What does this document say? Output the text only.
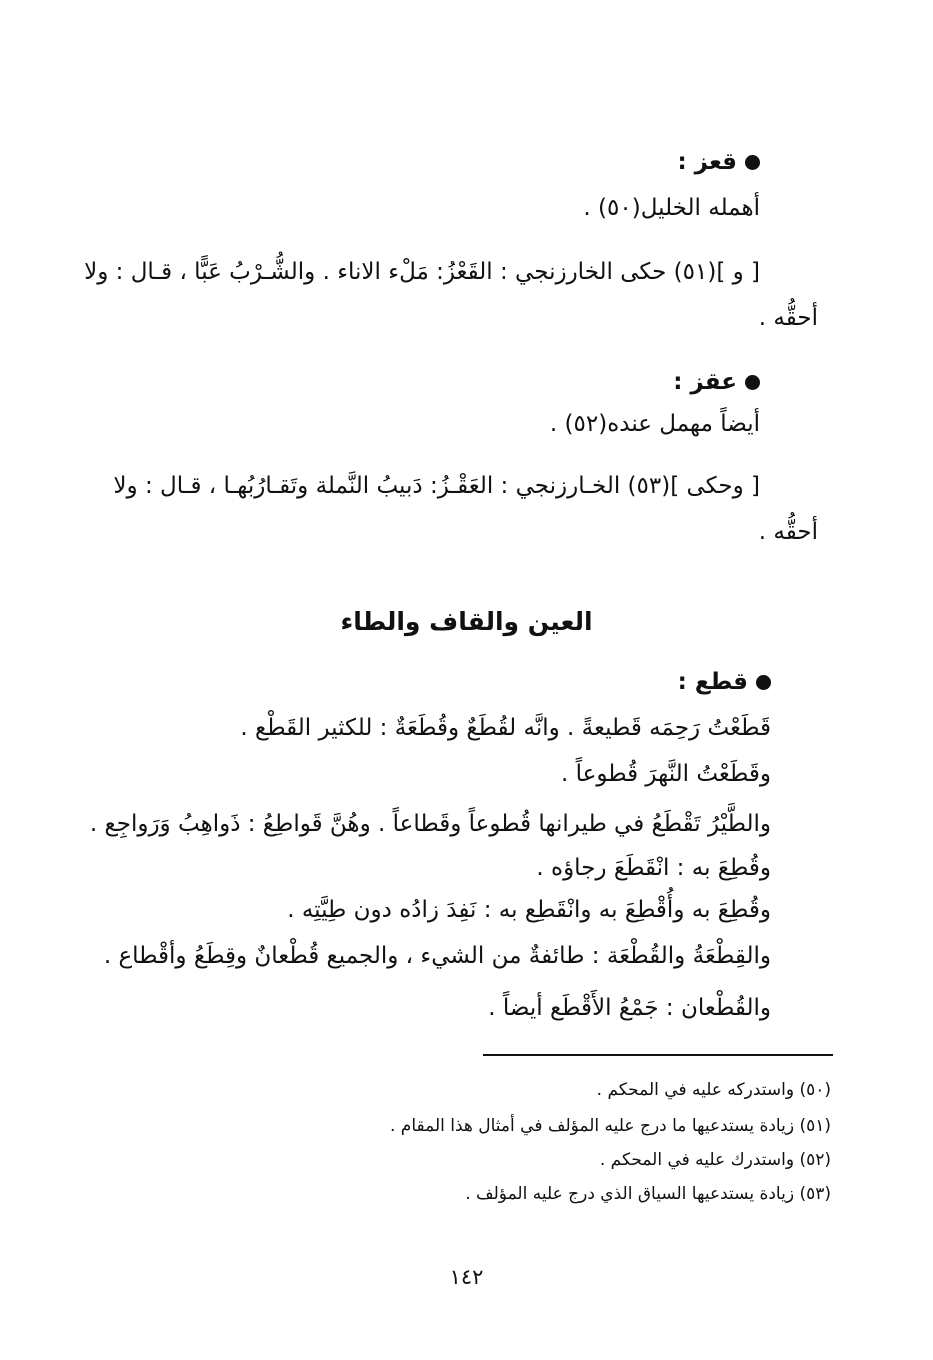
قعز :
أهمله الخليل(٥٠) .
[ و ](٥١) حكى الخارزنجي : القَعْزُ: مَلْء الاناء . والشُّـرْبُ عَبًّا ، قـال : ولا
أحقُّه .
عقز :
أيضاً مهمل عنده(٥٢) .
[ وحكى ](٥٣) الخـارزنجي : العَقْـزُ: دَبيبُ النَّملة وتَقـارُبُهـا ، قـال : ولا
أحقُّه .
العين والقاف والطاء
قطع :
قَطَعْتُ رَحِمَه قَطيعةً . وانَّه لقُطَعٌ وقُطَعَةٌ : للكثير القَطْع .
وقَطَعْتُ النَّهرَ قُطوعاً .
والطَّيْرُ تَقْطَعُ في طيرانها قُطوعاً وقَطاعاً . وهُنَّ قَواطِعُ : ذَواهِبُ وَرَواجِع .
وقُطِعَ به : انْقَطَعَ رجاؤه .
وقُطِعَ به وأُقْطِعَ به وانْقَطِع به : نَفِدَ زادُه دون طِيَّتِه .
والقِطْعَةُ والقُطْعَة : طائفةٌ من الشيء ، والجميع قُطْعانٌ وقِطَعُ وأقْطاع .
والقُطْعان : جَمْعُ الأَقْطَع أيضاً .
(٥٠) واستدركه عليه في المحكم .
(٥١) زيادة يستدعيها ما درج عليه المؤلف في أمثال هذا المقام .
(٥٢) واستدرك عليه في المحكم .
(٥٣) زيادة يستدعيها السياق الذي درج عليه المؤلف .
١٤٢
